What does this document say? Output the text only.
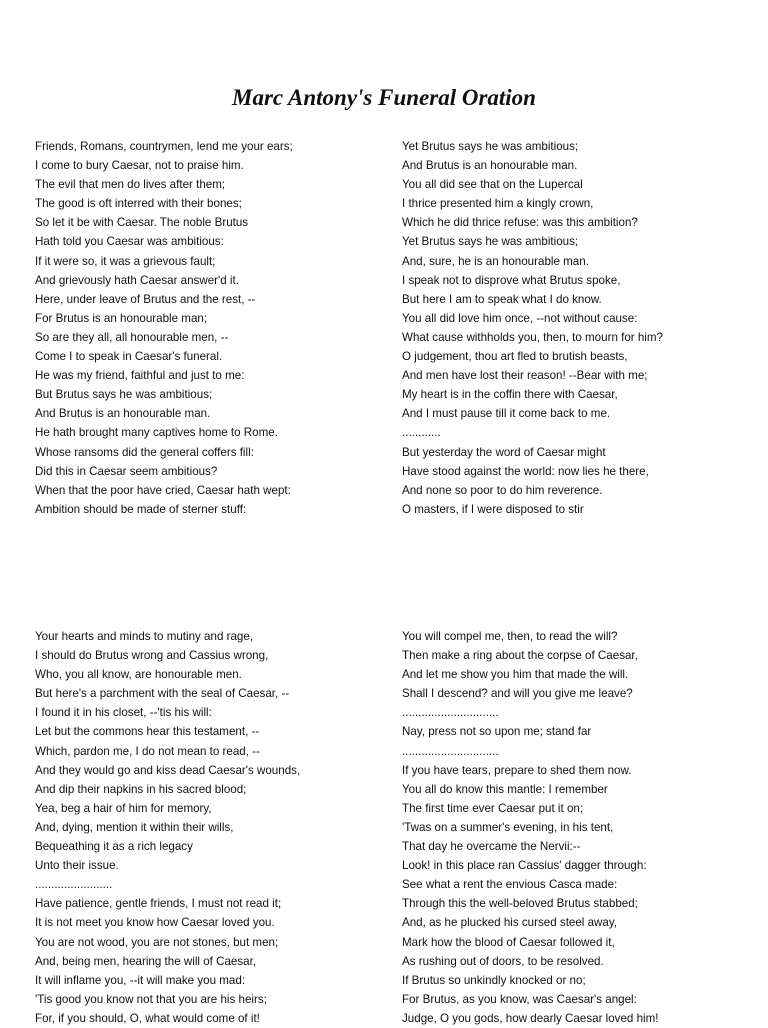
Marc Antony's Funeral Oration
Friends, Romans, countrymen, lend me your ears;
I come to bury Caesar, not to praise him.
The evil that men do lives after them;
The good is oft interred with their bones;
So let it be with Caesar. The noble Brutus
Hath told you Caesar was ambitious:
If it were so, it was a grievous fault;
And grievously hath Caesar answer'd it.
Here, under leave of Brutus and the rest, --
For Brutus is an honourable man;
So are they all, all honourable men, --
Come I to speak in Caesar's funeral.
He was my friend, faithful and just to me:
But Brutus says he was ambitious;
And Brutus is an honourable man.
He hath brought many captives home to Rome.
Whose ransoms did the general coffers fill:
Did this in Caesar seem ambitious?
When that the poor have cried, Caesar hath wept:
Ambition should be made of sterner stuff:
Yet Brutus says he was ambitious;
And Brutus is an honourable man.
You all did see that on the Lupercal
I thrice presented him a kingly crown,
Which he did thrice refuse: was this ambition?
Yet Brutus says he was ambitious;
And, sure, he is an honourable man.
I speak not to disprove what Brutus spoke,
But here I am to speak what I do know.
You all did love him once, --not without cause:
What cause withholds you, then, to mourn for him?
O judgement, thou art fled to brutish beasts,
And men have lost their reason! --Bear with me;
My heart is in the coffin there with Caesar,
And I must pause till it come back to me.
............
But yesterday the word of Caesar might
Have stood against the world: now lies he there,
And none so poor to do him reverence.
O masters, if I were disposed to stir
Your hearts and minds to mutiny and rage,
I should do Brutus wrong and Cassius wrong,
Who, you all know, are honourable men.
But here's a parchment with the seal of Caesar, --
I found it in his closet, --'tis his will:
Let but the commons hear this testament, --
Which, pardon me, I do not mean to read, --
And they would go and kiss dead Caesar's wounds,
And dip their napkins in his sacred blood;
Yea, beg a hair of him for memory,
And, dying, mention it within their wills,
Bequeathing it as a rich legacy
Unto their issue.
........................
Have patience, gentle friends, I must not read it;
It is not meet you know how Caesar loved you.
You are not wood, you are not stones, but men;
And, being men, hearing the will of Caesar,
It will inflame you, --it will make you mad:
'Tis good you know not that you are his heirs;
For, if you should, O, what would come of it!
You will compel me, then, to read the will?
Then make a ring about the corpse of Caesar,
And let me show you him that made the will.
Shall I descend? and will you give me leave?
..............................
Nay, press not so upon me; stand far
..............................
If you have tears, prepare to shed them now.
You all do know this mantle: I remember
The first time ever Caesar put it on;
'Twas on a summer's evening, in his tent,
That day he overcame the Nervii:--
Look! in this place ran Cassius' dagger through:
See what a rent the envious Casca made:
Through this the well-beloved Brutus stabbed;
And, as he plucked his cursed steel away,
Mark how the blood of Caesar followed it,
As rushing out of doors, to be resolved.
If Brutus so unkindly knocked or no;
For Brutus, as you know, was Caesar's angel:
Judge, O you gods, how dearly Caesar loved him!
